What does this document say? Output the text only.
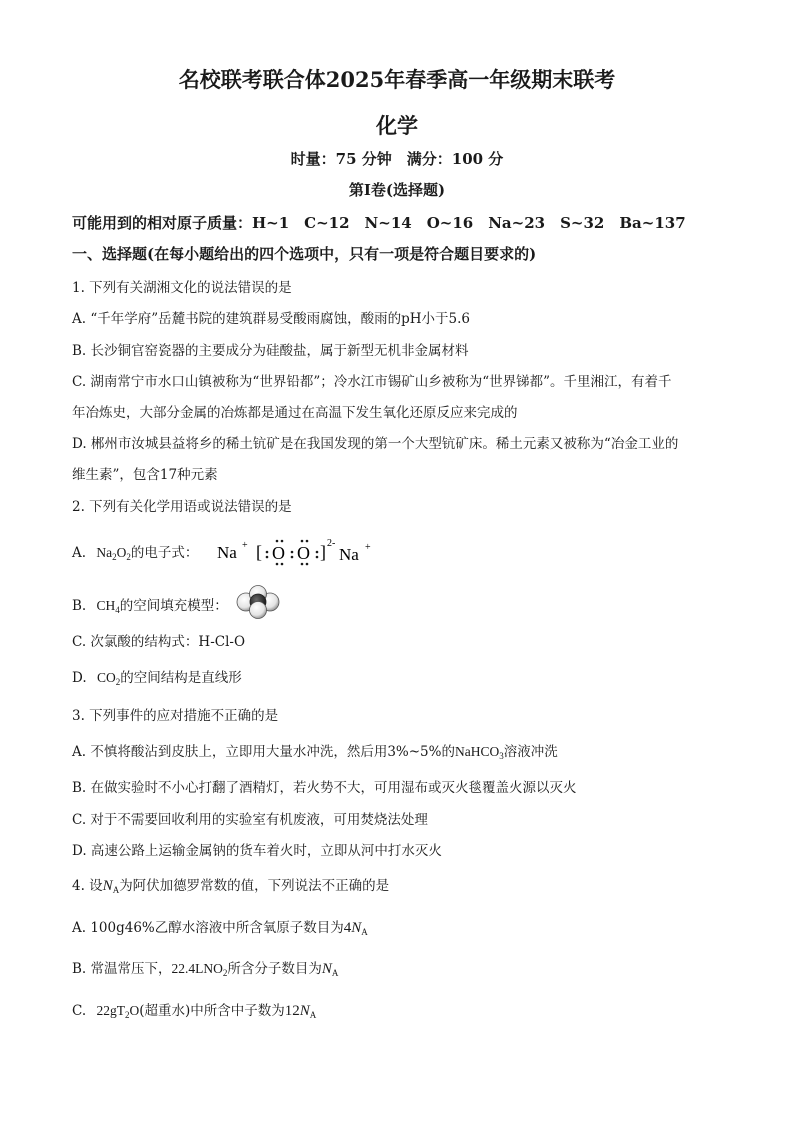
名校联考联合体2025年春季高一年级期末联考
化学
时量：75 分钟　满分：100 分
第Ⅰ卷(选择题)
可能用到的相对原子质量：H~1　C~12　N~14　O~16　Na~23　S~32　Ba~137
一、选择题(在每小题给出的四个选项中，只有一项是符合题目要求的)
1. 下列有关湖湘文化的说法错误的是
A. “千年学府”岳麓书院的建筑群易受酸雨腐蚀，酸雨的pH小于5.6
B. 长沙铜官窑瓷器的主要成分为硅酸盐，属于新型无机非金属材料
C. 湖南常宁市水口山镇被称为“世界铅都”；冷水江市锡矿山乡被称为“世界锑都”。千里湘江，有着千
年冶炼史，大部分金属的冶炼都是通过在高温下发生氧化还原反应来完成的
D. 郴州市汝城县益将乡的稀土钪矿是在我国发现的第一个大型钪矿床。稀土元素又被称为“冶金工业的
维生素”，包含17种元素
2. 下列有关化学用语或说法错误的是
A. $Na_2O_2$的电子式： Na + [ O O ] 2-
Na +
B. $CH_4$的空间填充模型：
C. 次氯酸的结构式：H-Cl-O
D. $CO_2$的空间结构是直线形
3. 下列事件的应对措施不正确的是
A. 不慎将酸沾到皮肤上，立即用大量水冲洗，然后用3%~5%的NaHCO$_3$溶液冲洗
B. 在做实验时不小心打翻了酒精灯，若火势不大，可用湿布或灭火毯覆盖火源以灭火
C. 对于不需要回收利用的实验室有机废液，可用焚烧法处理
D. 高速公路上运输金属钠的货车着火时，立即从河中打水灭火
4. 设$N_A$为阿伏加德罗常数的值，下列说法不正确的是
A. 100g46%乙醇水溶液中所含氧原子数目为$4N_A$
B. 常温常压下，$22.4LNO_2$所含分子数目为$N_A$
C. $22gT_2O$(超重水)中所含中子数为$12N_A$
